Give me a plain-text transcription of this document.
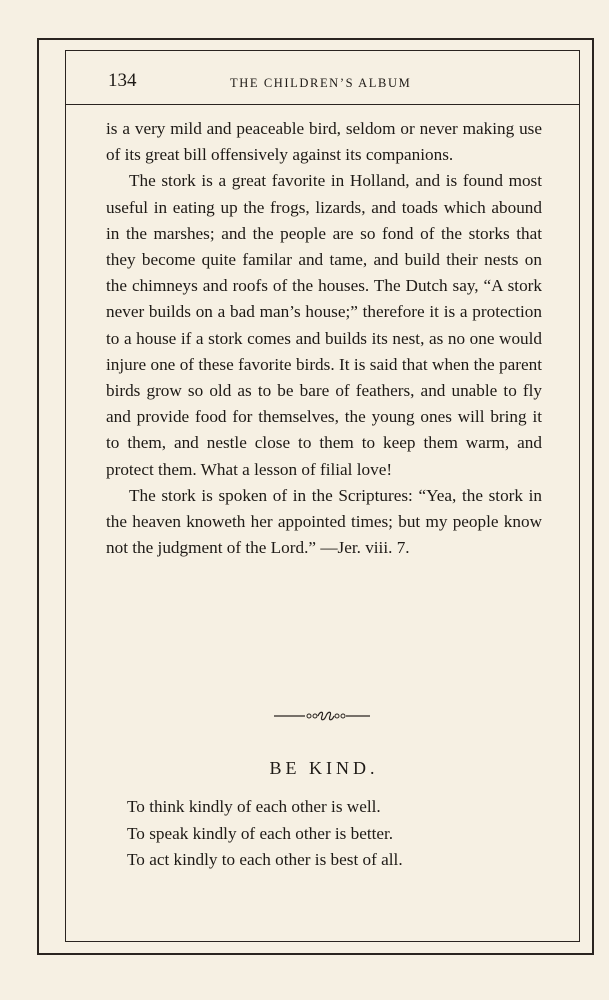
134	THE CHILDREN’S ALBUM

is a very mild and peaceable bird, seldom or never making use of its great bill offensively against its companions.

The stork is a great favorite in Holland, and is found most useful in eating up the frogs, lizards, and toads which abound in the marshes; and the people are so fond of the storks that they become quite familar and tame, and build their nests on the chimneys and roofs of the houses. The Dutch say, “A stork never builds on a bad man’s house;” therefore it is a protection to a house if a stork comes and builds its nest, as no one would injure one of these favorite birds. It is said that when the parent birds grow so old as to be bare of feathers, and unable to fly and provide food for themselves, the young ones will bring it to them, and nestle close to them to keep them warm, and protect them. What a lesson of filial love!

The stork is spoken of in the Scriptures: “Yea, the stork in the heaven knoweth her appointed times; but my people know not the judgment of the Lord.” —Jer. viii. 7.

BE KIND.
To think kindly of each other is well.
To speak kindly of each other is better.
To act kindly to each other is best of all.
